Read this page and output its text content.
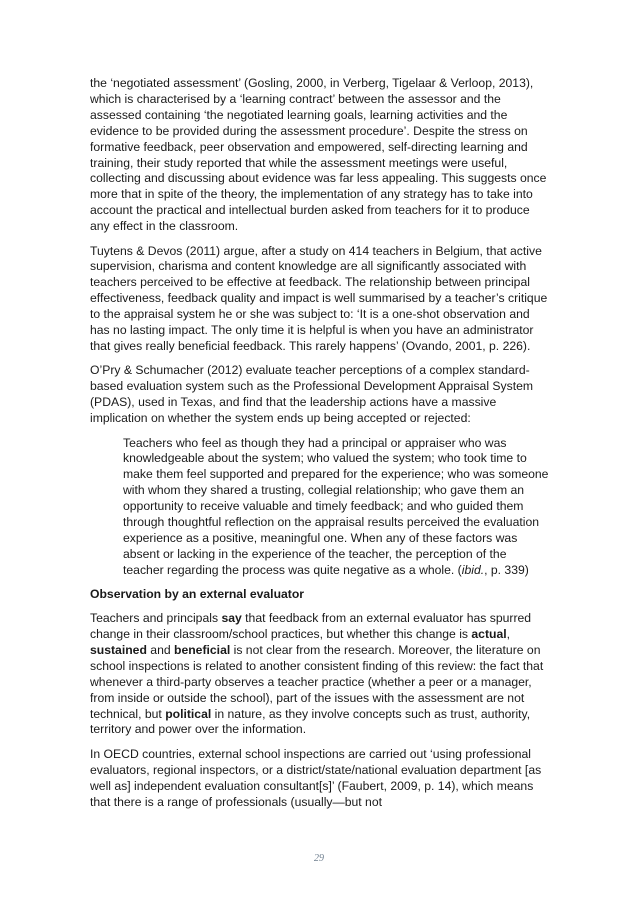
the ‘negotiated assessment’ (Gosling, 2000, in Verberg, Tigelaar & Verloop, 2013), which is characterised by a ‘learning contract’ between the assessor and the assessed containing ‘the negotiated learning goals, learning activities and the evidence to be provided during the assessment procedure’. Despite the stress on formative feedback, peer observation and empowered, self-directing learning and training, their study reported that while the assessment meetings were useful, collecting and discussing about evidence was far less appealing. This suggests once more that in spite of the theory, the implementation of any strategy has to take into account the practical and intellectual burden asked from teachers for it to produce any effect in the classroom.

Tuytens & Devos (2011) argue, after a study on 414 teachers in Belgium, that active supervision, charisma and content knowledge are all significantly associated with teachers perceived to be effective at feedback. The relationship between principal effectiveness, feedback quality and impact is well summarised by a teacher’s critique to the appraisal system he or she was subject to: ‘It is a one-shot observation and has no lasting impact. The only time it is helpful is when you have an administrator that gives really beneficial feedback. This rarely happens’ (Ovando, 2001, p. 226).

O’Pry & Schumacher (2012) evaluate teacher perceptions of a complex standard-based evaluation system such as the Professional Development Appraisal System (PDAS), used in Texas, and find that the leadership actions have a massive implication on whether the system ends up being accepted or rejected:

Teachers who feel as though they had a principal or appraiser who was knowledgeable about the system; who valued the system; who took time to make them feel supported and prepared for the experience; who was someone with whom they shared a trusting, collegial relationship; who gave them an opportunity to receive valuable and timely feedback; and who guided them through thoughtful reflection on the appraisal results perceived the evaluation experience as a positive, meaningful one. When any of these factors was absent or lacking in the experience of the teacher, the perception of the teacher regarding the process was quite negative as a whole. (ibid., p. 339)

Observation by an external evaluator

Teachers and principals say that feedback from an external evaluator has spurred change in their classroom/school practices, but whether this change is actual, sustained and beneficial is not clear from the research. Moreover, the literature on school inspections is related to another consistent finding of this review: the fact that whenever a third-party observes a teacher practice (whether a peer or a manager, from inside or outside the school), part of the issues with the assessment are not technical, but political in nature, as they involve concepts such as trust, authority, territory and power over the information.

In OECD countries, external school inspections are carried out ‘using professional evaluators, regional inspectors, or a district/state/national evaluation department [as well as] independent evaluation consultant[s]’ (Faubert, 2009, p. 14), which means that there is a range of professionals (usually—but not

29
